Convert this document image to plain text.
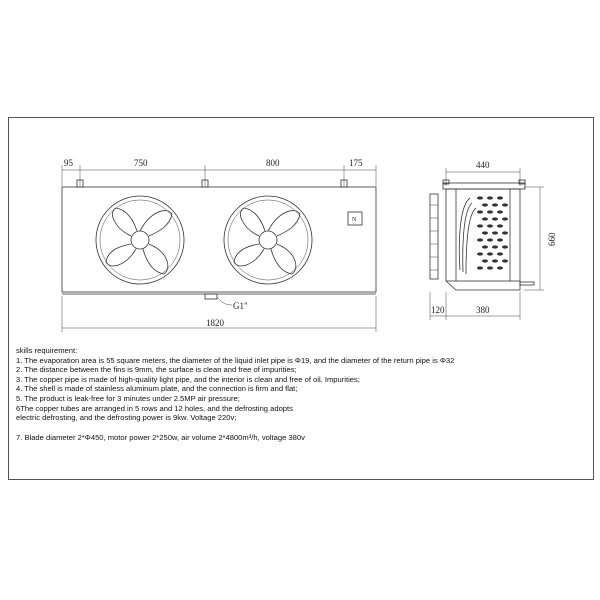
95	750	800	175
N
G1"
1820
440
660
120	380
skills requirement:
1. The evaporation area is 55 square meters, the diameter of the liquid inlet pipe is Φ19, and the diameter of the return pipe is Φ32
2. The distance between the fins is 9mm, the surface is clean and free of impurities;
3. The copper pipe is made of high-quality light pipe, and the interior is clean and free of oil. Impurities;
4. The shell is made of stainless aluminum plate, and the connection is firm and flat;
5. The product is leak-free for 3 minutes under 2.5MP air pressure;
6The copper tubes are arranged in 5 rows and 12 holes, and the defrosting adopts
electric defrosting, and the defrosting power is 9kw. Voltage 220v;
7. Blade diameter 2*Φ450, motor power 2*250w, air volume 2*4800m³/h, voltage 380v
